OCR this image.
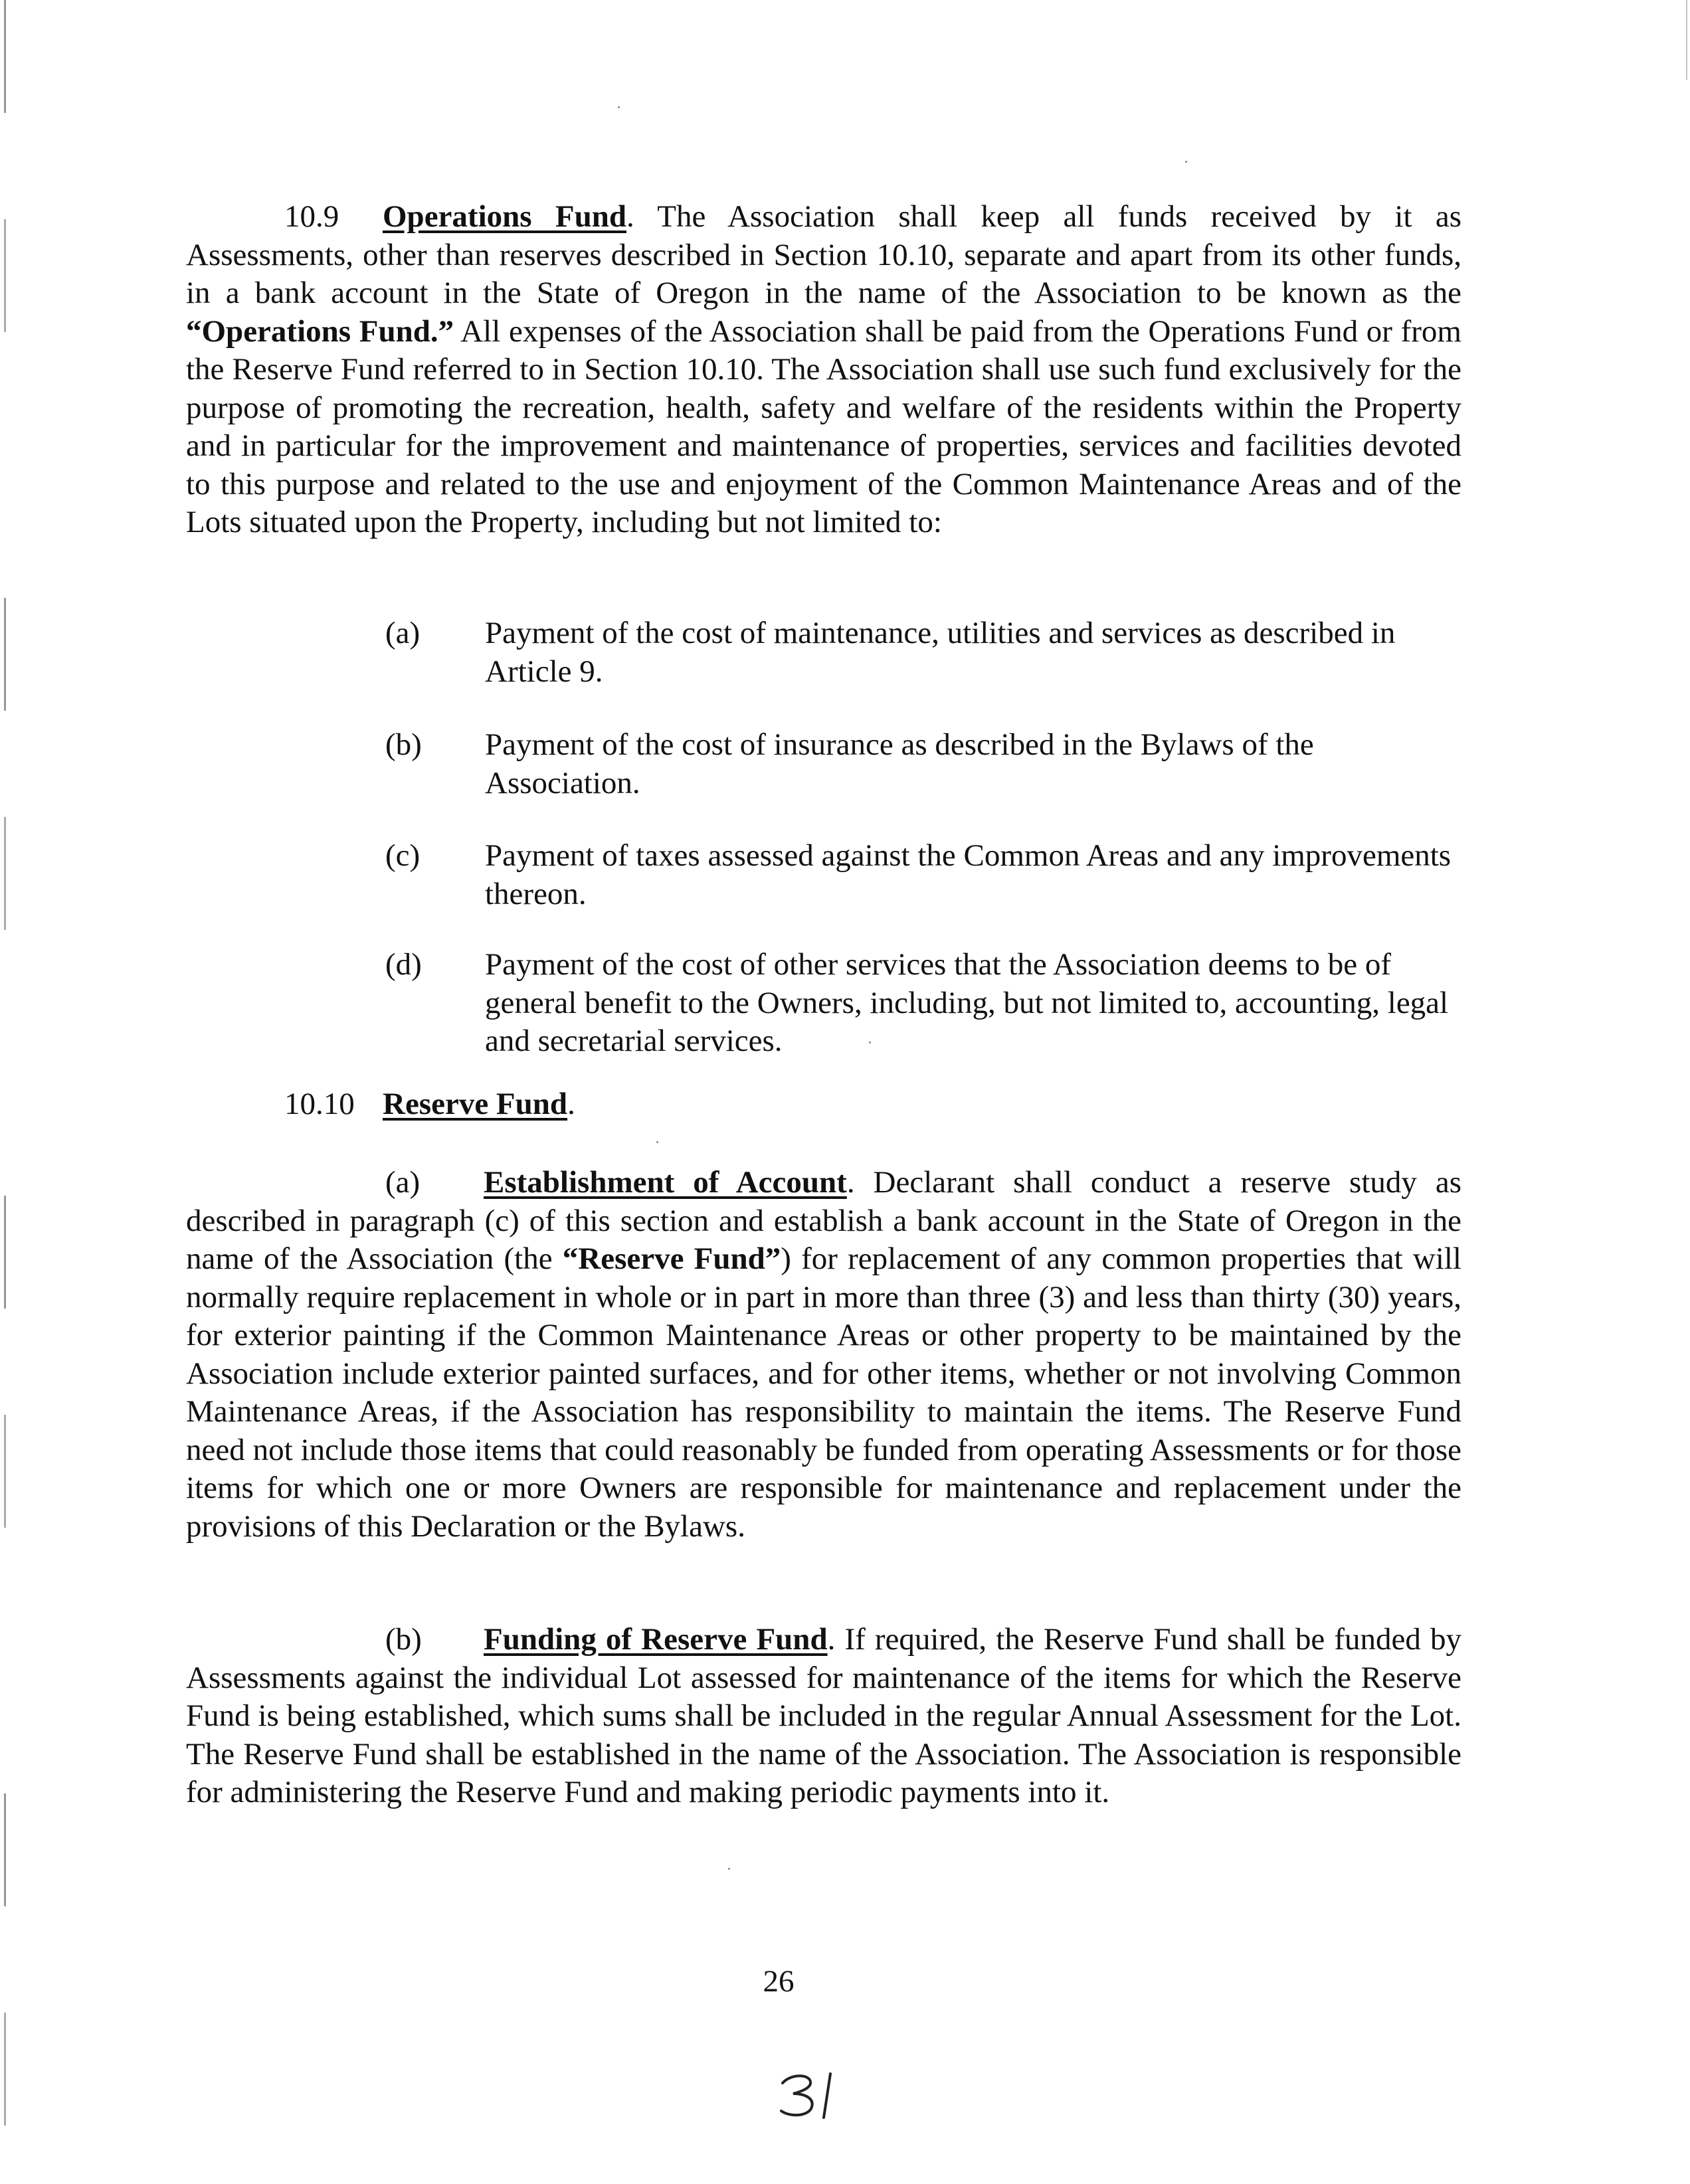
10.9 Operations Fund. The Association shall keep all funds received by it as Assessments, other than reserves described in Section 10.10, separate and apart from its other funds, in a bank account in the State of Oregon in the name of the Association to be known as the “Operations Fund.” All expenses of the Association shall be paid from the Operations Fund or from the Reserve Fund referred to in Section 10.10. The Association shall use such fund exclusively for the purpose of promoting the recreation, health, safety and welfare of the residents within the Property and in particular for the improvement and maintenance of properties, services and facilities devoted to this purpose and related to the use and enjoyment of the Common Maintenance Areas and of the Lots situated upon the Property, including but not limited to:

(a)	Payment of the cost of maintenance, utilities and services as described in Article 9.
(b)	Payment of the cost of insurance as described in the Bylaws of the Association.
(c)	Payment of taxes assessed against the Common Areas and any improvements thereon.
(d)	Payment of the cost of other services that the Association deems to be of general benefit to the Owners, including, but not limited to, accounting, legal and secretarial services.
10.10 Reserve Fund.

(a) Establishment of Account. Declarant shall conduct a reserve study as described in paragraph (c) of this section and establish a bank account in the State of Oregon in the name of the Association (the “Reserve Fund”) for replacement of any common properties that will normally require replacement in whole or in part in more than three (3) and less than thirty (30) years, for exterior painting if the Common Maintenance Areas or other property to be maintained by the Association include exterior painted surfaces, and for other items, whether or not involving Common Maintenance Areas, if the Association has responsibility to maintain the items. The Reserve Fund need not include those items that could reasonably be funded from operating Assessments or for those items for which one or more Owners are responsible for maintenance and replacement under the provisions of this Declaration or the Bylaws.

(b) Funding of Reserve Fund. If required, the Reserve Fund shall be funded by Assessments against the individual Lot assessed for maintenance of the items for which the Reserve Fund is being established, which sums shall be included in the regular Annual Assessment for the Lot. The Reserve Fund shall be established in the name of the Association. The Association is responsible for administering the Reserve Fund and making periodic payments into it.

26
